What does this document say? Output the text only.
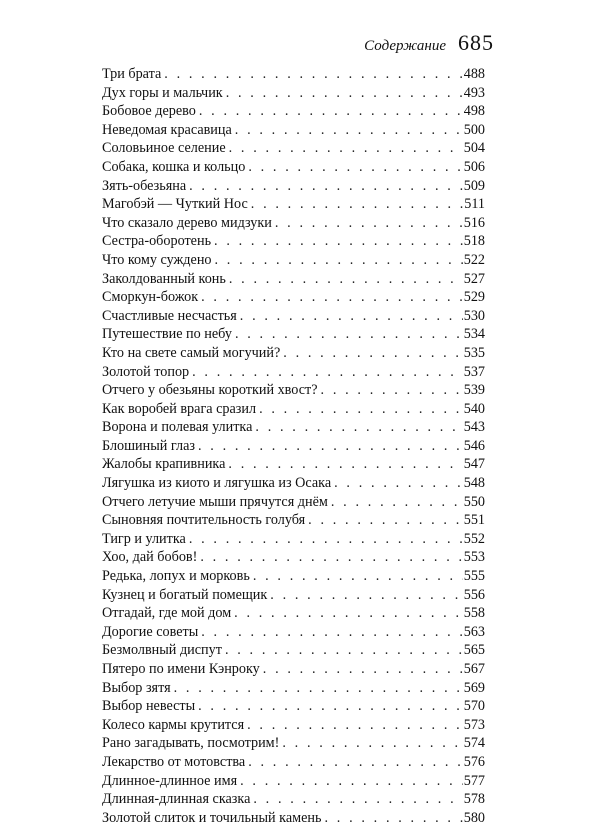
Содержание 685
Три брата . . .	488
Дух горы и мальчик . . .	493
Бобовое дерево . . .	498
Неведомая красавица . . .	500
Соловьиное селение . . .	504
Собака, кошка и кольцо . . .	506
Зять-обезьяна . . .	509
Магобэй — Чуткий Нос . . .	511
Что сказало дерево мидзуки . . .	516
Сестра-оборотень . . .	518
Что кому суждено . . .	522
Заколдованный конь . . .	527
Сморкун-божок . . .	529
Счастливые несчастья . . .	530
Путешествие по небу . . .	534
Кто на свете самый могучий? . . .	535
Золотой топор . . .	537
Отчего у обезьяны короткий хвост? . . .	539
Как воробей врага сразил . . .	540
Ворона и полевая улитка . . .	543
Блошиный глаз . . .	546
Жалобы крапивника . . .	547
Лягушка из киото и лягушка из Осака . . .	548
Отчего летучие мыши прячутся днём . . .	550
Сыновняя почтительность голубя . . .	551
Тигр и улитка . . .	552
Хоо, дай бобов! . . .	553
Редька, лопух и морковь . . .	555
Кузнец и богатый помещик . . .	556
Отгадай, где мой дом . . .	558
Дорогие советы . . .	563
Безмолвный диспут . . .	565
Пятеро по имени Кэнроку . . .	567
Выбор зятя . . .	569
Выбор невесты . . .	570
Колесо кармы крутится . . .	573
Рано загадывать, посмотрим! . . .	574
Лекарство от мотовства . . .	576
Длинное-длинное имя . . .	577
Длинная-длинная сказка . . .	578
Золотой слиток и точильный камень . . .	580
